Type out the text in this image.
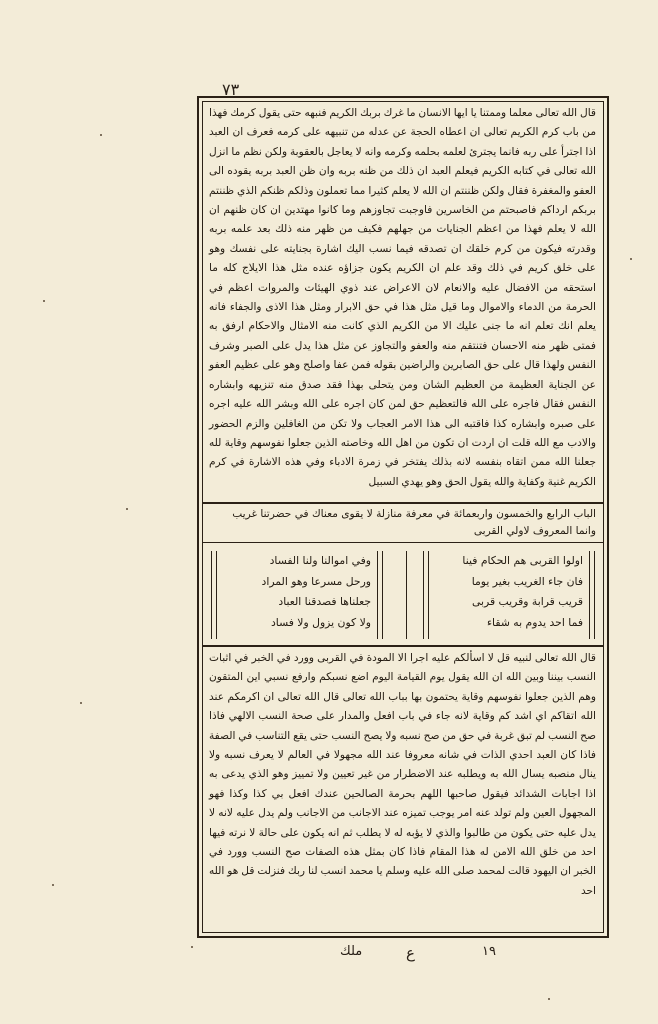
٧٣

قال الله تعالى معلما وممتنا يا ايها الانسان ما غرك بربك الكريم فنبهه حتى يقول كرمك فهذا من باب كرم الكريم تعالى ان اعطاه الحجة عن عدله من تنبيهه على كرمه فعرف ان العبد اذا اجترأ على ربه فانما يجترئ لعلمه بحلمه وكرمه وانه لا يعاجل بالعقوبة ولكن نظم ما انزل الله تعالى في كتابه الكريم فيعلم العبد ان ذلك من ظنه بربه وان ظن العبد بربه يقوده الى العفو والمغفرة فقال ولكن ظننتم ان الله لا يعلم كثيرا مما تعملون وذلكم ظنكم الذي ظننتم بربكم ارداكم فاصبحتم من الخاسرين فاوجبت تجاوزهم وما كانوا مهتدين ان كان ظنهم ان الله لا يعلم فهذا من اعظم الجنايات من جهلهم فكيف من ظهر منه ذلك بعد علمه بربه وقدرته فيكون من كرم خلقك ان تصدقه فيما نسب اليك اشارة بجنايته على نفسك وهو على خلق كريم في ذلك وقد علم ان الكريم يكون جزاؤه عنده مثل هذا الايلاج كله ما استحقه من الافضال عليه والانعام لان الاعراض عند ذوي الهيئات والمروات اعظم في الحرمة من الدماء والاموال وما قيل مثل هذا في حق الابرار ومثل هذا الاذى والجفاء فانه يعلم انك تعلم انه ما جنى عليك الا من الكريم الذي كانت منه الامثال والاحكام ارفق به فمتى ظهر منه الاحسان فتنتقم منه والعفو والتجاوز عن مثل هذا يدل على الصبر وشرف النفس ولهذا قال على حق الصابرين والراضين بقوله فمن عفا واصلح وهو على عظيم العفو عن الجناية العظيمة من العظيم الشان ومن يتحلى بهذا فقد صدق منه تنزيهه وابشاره النفس فقال فاجره على الله فالتعظيم حق لمن كان اجره على الله وبشر الله عليه اجره على صبره وابشاره كذا فاقتبه الى هذا الامر العجاب ولا تكن من الغافلين والزم الحضور والادب مع الله قلت ان اردت ان تكون من اهل الله وخاصته الذين جعلوا نفوسهم وقاية لله جعلنا الله ممن اتقاه بنفسه لانه بذلك يفتخر في زمرة الادباء وفي هذه الاشارة في كرم الكريم غنية وكفاية والله يقول الحق وهو يهدي السبيل

الباب الرابع والخمسون واربعمائة في معرفة منازلة لا يقوى معناك في حضرتنا غريب وانما المعروف لاولي القربى

اولوا القربى هم الحكام فينا
فان جاء الغريب بغير يوما
قريب قرابة وقريب قربى
فما احد يدوم به شقاء
وفي اموالنا ولنا الفساد
ورحل مسرعا وهو المراد
جعلناها فصدقنا العباد
ولا كون يزول ولا فساد

قال الله تعالى لنبيه قل لا اسألكم عليه اجرا الا المودة في القربى وورد في الخبر في اثبات النسب بيننا وبين الله ان الله يقول يوم القيامة اليوم اضع نسبكم وارفع نسبي اين المتقون وهم الذين جعلوا نفوسهم وقاية يحتمون بها بباب الله تعالى قال الله تعالى ان اكرمكم عند الله اتقاكم اي اشد كم وقاية لانه جاء في باب افعل والمدار على صحة النسب الالهي فاذا صح النسب لم تبق غربة في حق من صح نسبه ولا يصح النسب حتى يقع التناسب في الصفة فاذا كان العبد احدي الذات في شانه معروفا عند الله مجهولا في العالم لا يعرف نسبه ولا ينال منصبه يسال الله به ويطلبه عند الاضطرار من غير تعيين ولا تمييز وهو الذي يدعى به اذا اجابات الشدائد فيقول صاحبها اللهم بحرمة الصالحين عندك افعل بي كذا وكذا فهو المجهول العين ولم تولد عنه امر يوجب تميزه عند الاجانب من الاجانب ولم يدل عليه لانه لا يدل عليه حتى يكون من طالبوا والذي لا يؤبه له لا يطلب ثم انه يكون على حالة لا نرته فيها احد من خلق الله الامن له هذا المقام فاذا كان بمثل هذه الصفات صح النسب وورد في الخبر ان اليهود قالت لمحمد صلى الله عليه وسلم يا محمد انسب لنا ربك فنزلت قل هو الله احد

ملك	ع	١٩
